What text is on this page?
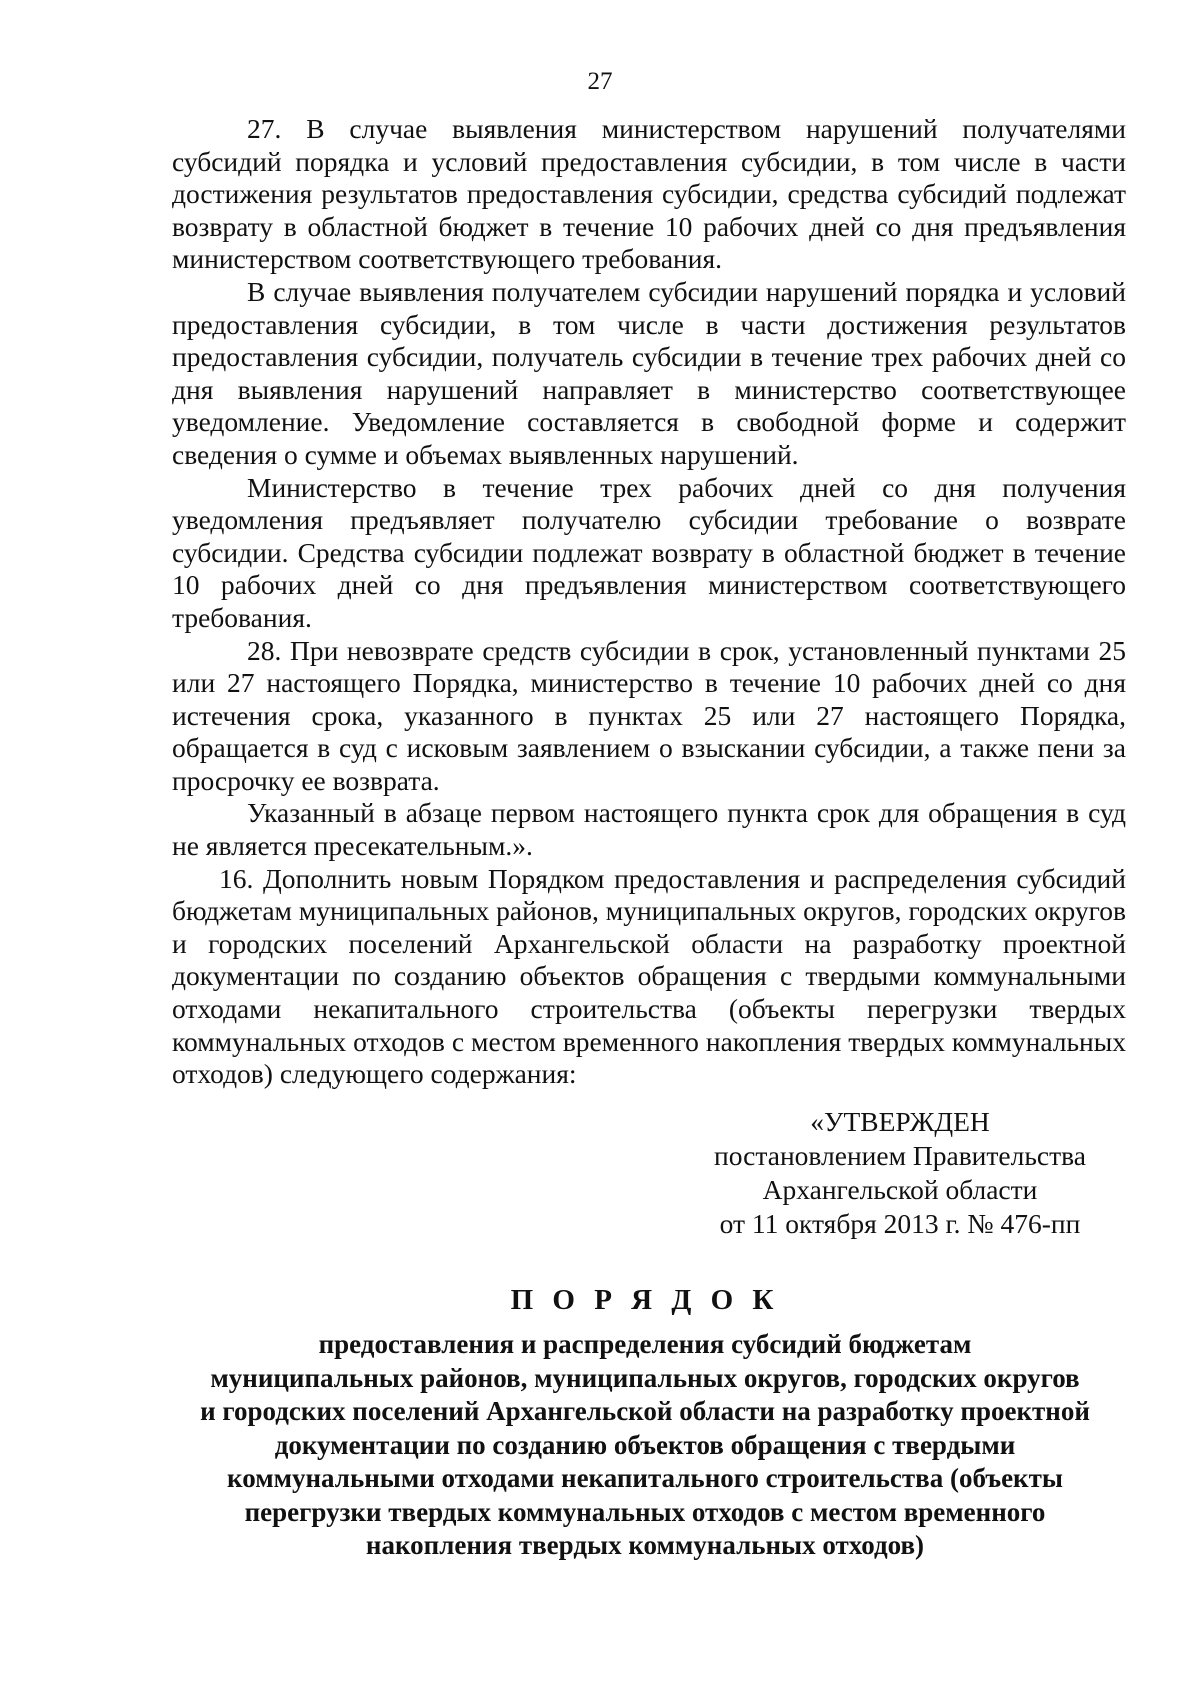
27

27. В случае выявления министерством нарушений получателями субсидий порядка и условий предоставления субсидии, в том числе в части достижения результатов предоставления субсидии, средства субсидий подлежат возврату в областной бюджет в течение 10 рабочих дней со дня предъявления министерством соответствующего требования.

В случае выявления получателем субсидии нарушений порядка и условий предоставления субсидии, в том числе в части достижения результатов предоставления субсидии, получатель субсидии в течение трех рабочих дней со дня выявления нарушений направляет в министерство соответствующее уведомление. Уведомление составляется в свободной форме и содержит сведения о сумме и объемах выявленных нарушений.

Министерство в течение трех рабочих дней со дня получения уведомления предъявляет получателю субсидии требование о возврате субсидии. Средства субсидии подлежат возврату в областной бюджет в течение 10 рабочих дней со дня предъявления министерством соответствующего требования.

28. При невозврате средств субсидии в срок, установленный пунктами 25 или 27 настоящего Порядка, министерство в течение 10 рабочих дней со дня истечения срока, указанного в пунктах 25 или 27 настоящего Порядка, обращается в суд с исковым заявлением о взыскании субсидии, а также пени за просрочку ее возврата.

Указанный в абзаце первом настоящего пункта срок для обращения в суд не является пресекательным.».

16. Дополнить новым Порядком предоставления и распределения субсидий бюджетам муниципальных районов, муниципальных округов, городских округов и городских поселений Архангельской области на разработку проектной документации по созданию объектов обращения с твердыми коммунальными отходами некапитального строительства (объекты перегрузки твердых коммунальных отходов с местом временного накопления твердых коммунальных отходов) следующего содержания:

«УТВЕРЖДЕН
постановлением Правительства
Архангельской области
от 11 октября 2013 г. № 476-пп
П О Р Я Д О К
предоставления и распределения субсидий бюджетам
муниципальных районов, муниципальных округов, городских округов
и городских поселений Архангельской области на разработку проектной
документации по созданию объектов обращения с твердыми
коммунальными отходами некапитального строительства (объекты
перегрузки твердых коммунальных отходов с местом временного
накопления твердых коммунальных отходов)
